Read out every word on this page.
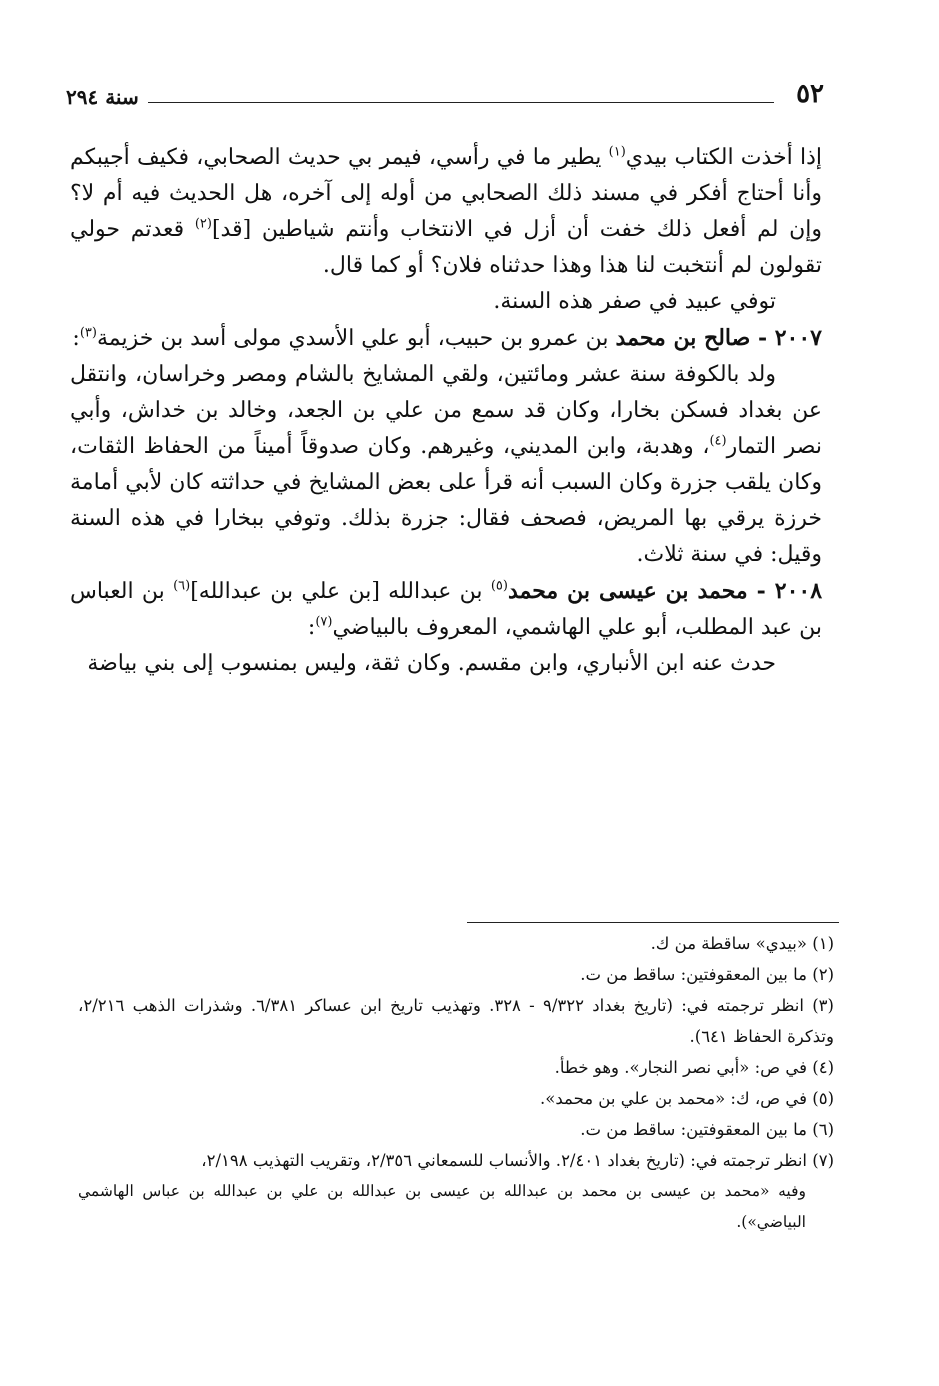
٥٢
سنة ٢٩٤

إذا أخذت الكتاب بيدي$^{(١)}$ يطير ما في رأسي، فيمر بي حديث الصحابي، فكيف أجيبكم وأنا أحتاج أفكر في مسند ذلك الصحابي من أوله إلى آخره، هل الحديث فيه أم لا؟ وإن لم أفعل ذلك خفت أن أزل في الانتخاب وأنتم شياطين [قد]$^{(٢)}$ قعدتم حولي تقولون لم أنتخبت لنا هذا وهذا حدثناه فلان؟ أو كما قال.

توفي عبيد في صفر هذه السنة.

٢٠٠٧ - صالح بن محمد بن عمرو بن حبيب، أبو علي الأسدي مولى أسد بن خزيمة$^{(٣)}$:

ولد بالكوفة سنة عشر ومائتين، ولقي المشايخ بالشام ومصر وخراسان، وانتقل عن بغداد فسكن بخارا، وكان قد سمع من علي بن الجعد، وخالد بن خداش، وأبي نصر التمار$^{(٤)}$، وهدبة، وابن المديني، وغيرهم. وكان صدوقاً أميناً من الحفاظ الثقات، وكان يلقب جزرة وكان السبب أنه قرأ على بعض المشايخ في حداثته كان لأبي أمامة خرزة يرقي بها المريض، فصحف فقال: جزرة بذلك. وتوفي ببخارا في هذه السنة وقيل: في سنة ثلاث.

٢٠٠٨ - محمد بن عيسى بن محمد$^{(٥)}$ بن عبدالله [بن علي بن عبدالله]$^{(٦)}$ بن العباس بن عبد المطلب، أبو علي الهاشمي، المعروف بالبياضي$^{(٧)}$:

حدث عنه ابن الأنباري، وابن مقسم. وكان ثقة، وليس بمنسوب إلى بني بياضة

(١) «بيدي» ساقطة من ك.

(٢) ما بين المعقوفتين: ساقط من ت.

(٣) انظر ترجمته في: (تاريخ بغداد ٩/٣٢٢ - ٣٢٨. وتهذيب تاريخ ابن عساكر ٦/٣٨١. وشذرات الذهب ٢/٢١٦، وتذكرة الحفاظ ٦٤١).

(٤) في ص: «أبي نصر النجار». وهو خطأ.

(٥) في ص، ك: «محمد بن علي بن محمد».

(٦) ما بين المعقوفتين: ساقط من ت.

(٧) انظر ترجمته في: (تاريخ بغداد ٢/٤٠١. والأنساب للسمعاني ٢/٣٥٦، وتقريب التهذيب ٢/١٩٨،

وفيه «محمد بن عيسى بن محمد بن عبدالله بن عيسى بن عبدالله بن علي بن عبدالله بن عباس الهاشمي البياضي»).
